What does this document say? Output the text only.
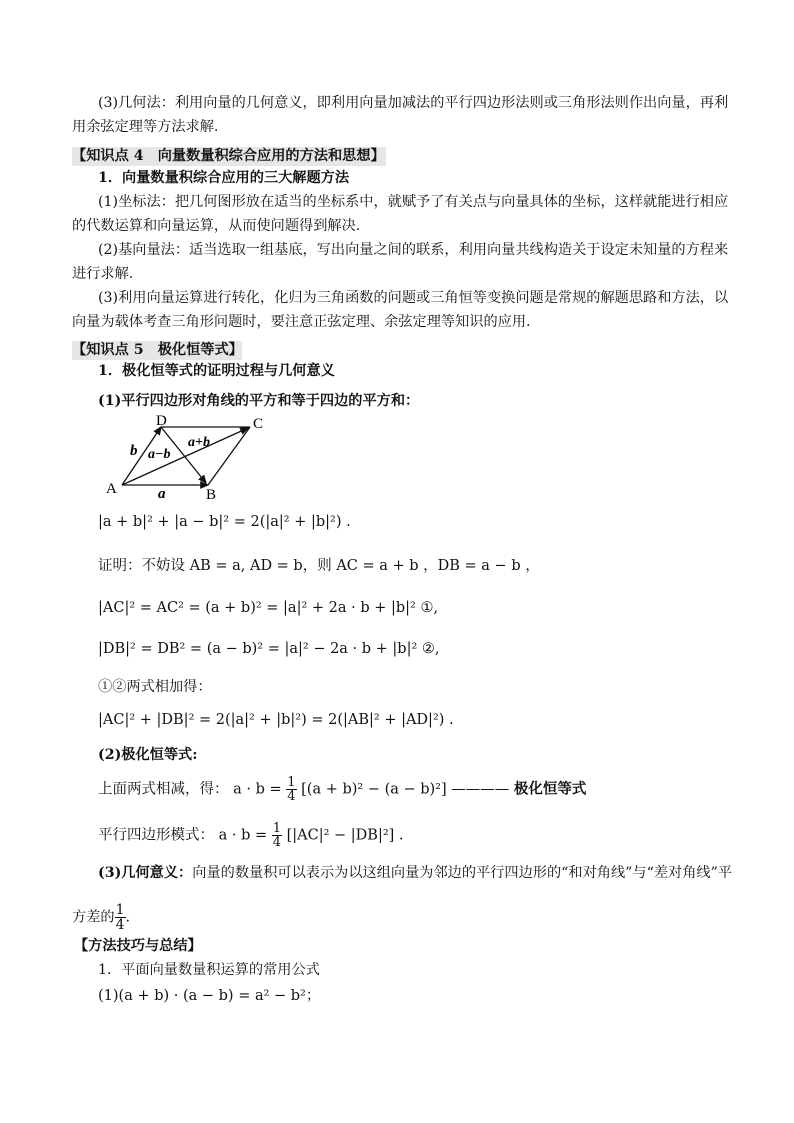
(3)几何法：利用向量的几何意义，即利用向量加减法的平行四边形法则或三角形法则作出向量，再利
用余弦定理等方法求解.
【知识点 4　向量数量积综合应用的方法和思想】
1．向量数量积综合应用的三大解题方法
(1)坐标法：把几何图形放在适当的坐标系中，就赋予了有关点与向量具体的坐标，这样就能进行相应
的代数运算和向量运算，从而使问题得到解决.
(2)基向量法：适当选取一组基底，写出向量之间的联系，利用向量共线构造关于设定未知量的方程来
进行求解.
(3)利用向量运算进行转化，化归为三角函数的问题或三角恒等变换问题是常规的解题思路和方法，以
向量为载体考查三角形问题时，要注意正弦定理、余弦定理等知识的应用.
【知识点 5　极化恒等式】
1．极化恒等式的证明过程与几何意义
(1)平行四边形对角线的平方和等于四边的平方和：
A	B
C
D
a
b
a+b
a−b
|a + b|² + |a − b|² = 2(|a|² + |b|²) .
证明：不妨设 AB = a, AD = b，则 AC = a + b ，DB = a − b ，
|AC|² = AC² = (a + b)² = |a|² + 2a · b + |b|² ①,
|DB|² = DB² = (a − b)² = |a|² − 2a · b + |b|² ②,
①②两式相加得：
|AC|² + |DB|² = 2(|a|² + |b|²) = 2(|AB|² + |AD|²) .
(2)极化恒等式:
上面两式相减，得： $a \cdot b = \frac{1}{4} [(a + b)^2 - (a - b)^2]$ ———— 极化恒等式
平行四边形模式： $a \cdot b = \frac{1}{4} [|AC|^2 - |DB|^2]$ .
(3)几何意义：向量的数量积可以表示为以这组向量为邻边的平行四边形的“和对角线”与“差对角线”平
方差的 $\frac{1}{4}$ .
【方法技巧与总结】
1．平面向量数量积运算的常用公式
(1)(a + b) · (a − b) = a² − b²；
